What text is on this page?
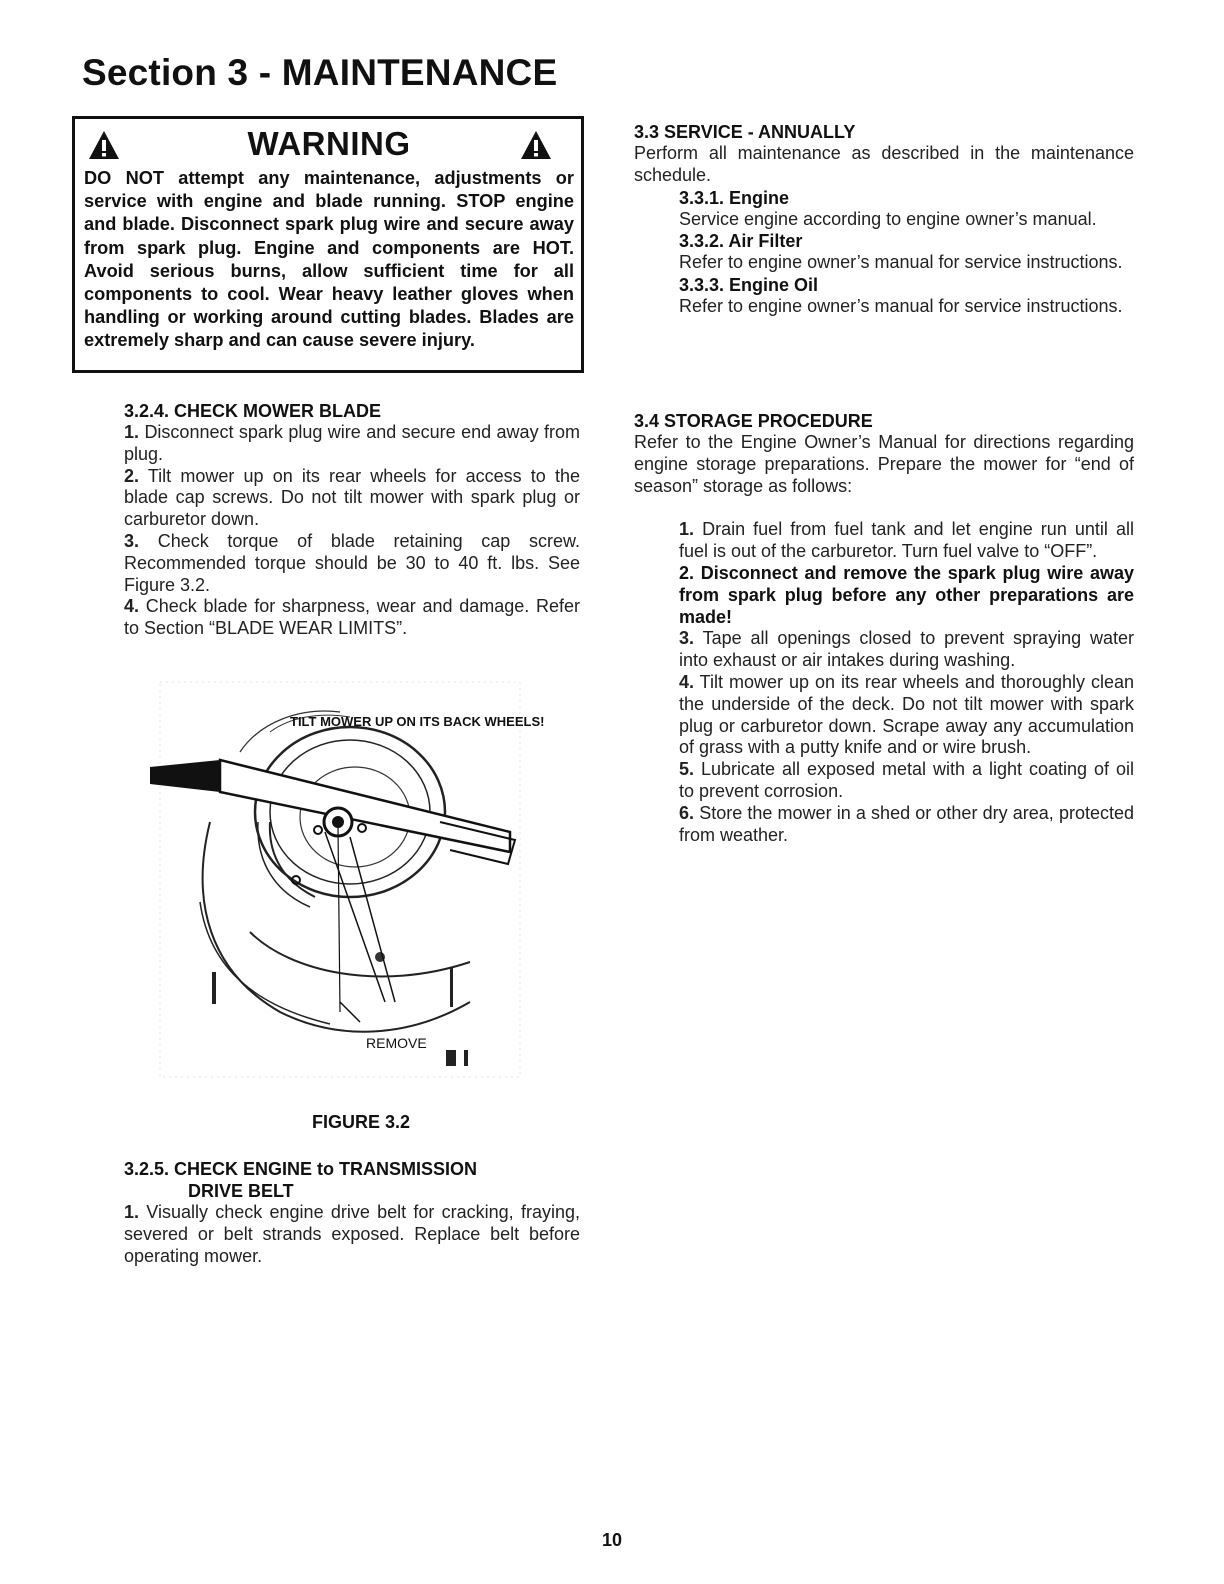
Section 3 - MAINTENANCE
WARNING
DO NOT attempt any maintenance, adjustments or service with engine and blade running. STOP engine and blade. Disconnect spark plug wire and secure away from spark plug. Engine and components are HOT. Avoid serious burns, allow sufficient time for all components to cool. Wear heavy leather gloves when handling or working around cutting blades. Blades are extremely sharp and can cause severe injury.
3.2.4. CHECK MOWER BLADE
1. Disconnect spark plug wire and secure end away from plug.
2. Tilt mower up on its rear wheels for access to the blade cap screws. Do not tilt mower with spark plug or carburetor down.
3. Check torque of blade retaining cap screw. Recommended torque should be 30 to 40 ft. lbs. See Figure 3.2.
4. Check blade for sharpness, wear and damage. Refer to Section “BLADE WEAR LIMITS”.
TILT MOWER UP ON ITS BACK WHEELS!
REMOVE
FIGURE 3.2
3.2.5. CHECK ENGINE to TRANSMISSION
DRIVE BELT
1. Visually check engine drive belt for cracking, fraying, severed or belt strands exposed. Replace belt before operating mower.
3.3 SERVICE - ANNUALLY
Perform all maintenance as described in the maintenance schedule.
3.3.1. Engine
Service engine according to engine owner’s manual.
3.3.2. Air Filter
Refer to engine owner’s manual for service instructions.
3.3.3. Engine Oil
Refer to engine owner’s manual for service instructions.
3.4 STORAGE PROCEDURE
Refer to the Engine Owner’s Manual for directions regarding engine storage preparations. Prepare the mower for “end of season” storage as follows:
1. Drain fuel from fuel tank and let engine run until all fuel is out of the carburetor. Turn fuel valve to “OFF”.
2. Disconnect and remove the spark plug wire away from spark plug before any other preparations are made!
3. Tape all openings closed to prevent spraying water into exhaust or air intakes during washing.
4. Tilt mower up on its rear wheels and thoroughly clean the underside of the deck. Do not tilt mower with spark plug or carburetor down. Scrape away any accumulation of grass with a putty knife and or wire brush.
5. Lubricate all exposed metal with a light coating of oil to prevent corrosion.
6. Store the mower in a shed or other dry area, protected from weather.
10
